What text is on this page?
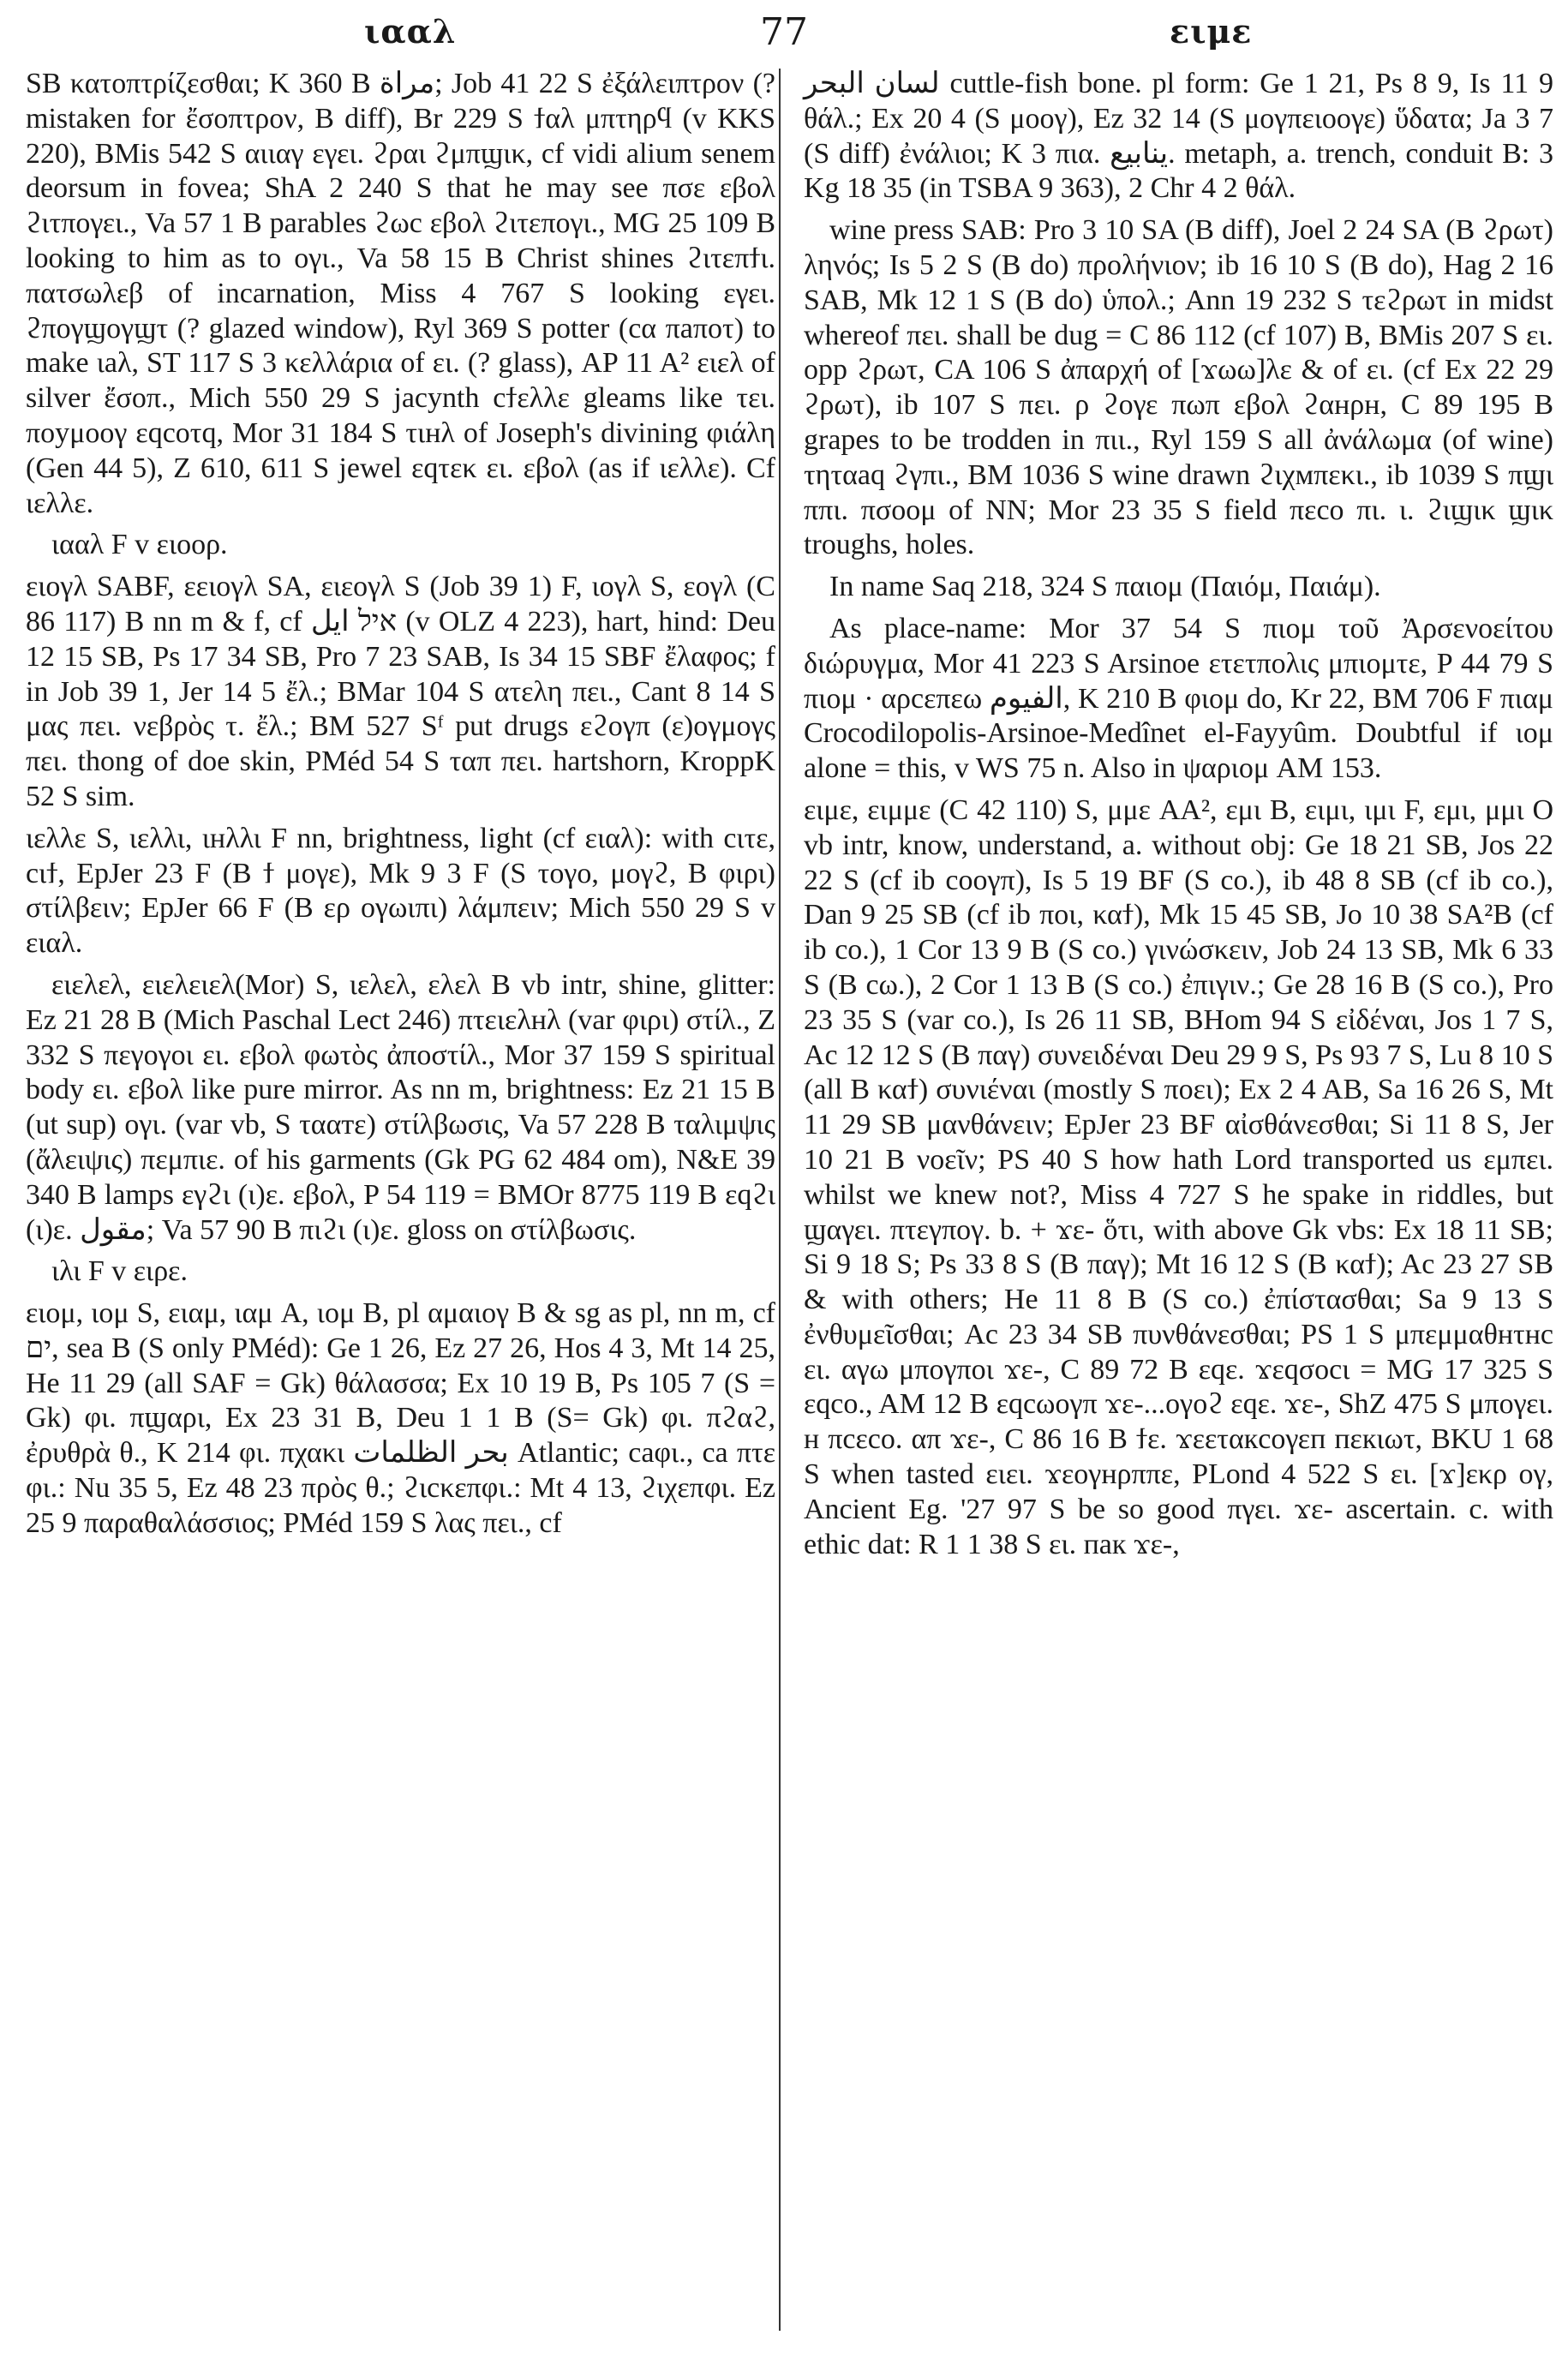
ιααλ	77	ειμε

SB κατοπτρίζεσθαι; K 360 B مراة; Job 41 22 S ἐξάλειπτρον (? mistaken for ἔσοπτρον, B diff), Br 229 S ϯαλ μπτηρϥ (v KKS 220), BMis 542 S αιιαγ εγει. ϩραι ϩμπϣικ, cf vidi alium senem deorsum in fovea; ShA 2 240 S that he may see πσε εβολ ϩιτπογει., Va 57 1 B parables ϩωc εβολ ϩιτεπογι., MG 25 109 B looking to him as to ογι., Va 58 15 B Christ shines ϩιτεπϯι. πατσωλεβ of incarnation, Miss 4 767 S looking εγει. ϩπογϣογϣτ (? glazed window), Ryl 369 S potter (cα πaποτ) to make ιaλ, ST 117 S 3 κελλάρια of ει. (? glass), AP 11 A² ειελ of silver ἔσοπ., Mich 550 29 S jacynth cϯελλε gleams like τει. ποyμοογ εqcοτq, Mor 31 184 S τιнλ of Joseph's divining φιάλη (Gen 44 5), Z 610, 611 S jewel εqτεκ ει. εβολ (as if ιελλε). Cf ιελλε.

ιααλ F v ειοορ.

ειογλ SABF, εειογλ SA, ειεογλ S (Job 39 1) F, ιογλ S, εογλ (C 86 117) B nn m & f, cf איל ايل (v OLZ 4 223), hart, hind: Deu 12 15 SB, Ps 17 34 SB, Pro 7 23 SAB, Is 34 15 SBF ἔλαφος; f in Job 39 1, Jer 14 5 ἔλ.; BMar 104 S ατελη πει., Cant 8 14 S μας πει. νεβρὸς τ. ἔλ.; BM 527 Sᶠ put drugs εϩογπ (ε)ογμογς πει. thong of doe skin, PMéd 54 S ταπ πει. hartshorn, KroppK 52 S sim.

ιελλε S, ιελλι, ιнλλι F nn, brightness, light (cf ειαλ): with cιτε, cιϯ, EpJer 23 F (B ϯ μογε), Mk 9 3 F (S τογο, μογϩ, B φιρι) στίλβειν; EpJer 66 F (B ερ ογωιπι) λάμπειν; Mich 550 29 S v ειαλ.

ειελελ, ειελειελ(Mor) S, ιελελ, ελελ B vb intr, shine, glitter: Ez 21 28 B (Mich Paschal Lect 246) πτειελнλ (var φιρι) στίλ., Z 332 S πεγογοι ει. εβολ φωτὸς ἀποστίλ., Mor 37 159 S spiritual body ει. εβολ like pure mirror. As nn m, brightness: Ez 21 15 B (ut sup) ογι. (var vb, S τααтε) στίλβωσις, Va 57 228 B ταλιμψις (ἄλειψις) πεμπιε. of his garments (Gk PG 62 484 om), N&E 39 340 B lamps εγϩι (ι)ε. εβολ, P 54 119 = BMOr 8775 119 B εqϩι (ι)ε. مقول; Va 57 90 B πιϩι (ι)ε. gloss on στίλβωσις.

ιλι F v ειρε.

ειομ, ιομ S, ειαμ, ιαμ A, ιομ B, pl αμαιογ B & sg as pl, nn m, cf ים, sea B (S only PMéd): Ge 1 26, Ez 27 26, Hos 4 3, Mt 14 25, He 11 29 (all SAF = Gk) θάλασσα; Ex 10 19 B, Ps 105 7 (S = Gk) φι. πϣαρι, Ex 23 31 B, Deu 1 1 B (S= Gk) φι. πϩαϩ, ἐρυθρὰ θ., K 214 φι. πχακι بحر الظلمات Atlantic; caφι., ca πτε φι.: Nu 35 5, Ez 48 23 πρὸς θ.; ϩιcκεπφι.: Mt 4 13, ϩιχεπφι. Ez 25 9 παραθαλάσσιος; PMéd 159 S λας πει., cf

لسان البحر cuttle-fish bone. pl form: Ge 1 21, Ps 8 9, Is 11 9 θάλ.; Ex 20 4 (S μοογ), Ez 32 14 (S μογπειοογε) ὕδατα; Ja 3 7 (S diff) ἐνάλιοι; K 3 πια. ينابيع. metaph, a. trench, conduit B: 3 Kg 18 35 (in TSBA 9 363), 2 Chr 4 2 θάλ.

wine press SAB: Pro 3 10 SA (B diff), Joel 2 24 SA (B ϩρωτ) ληνός; Is 5 2 S (B do) προλήνιον; ib 16 10 S (B do), Hag 2 16 SAB, Mk 12 1 S (B do) ὑπολ.; Ann 19 232 S τεϩρωτ in midst whereof πει. shall be dug = C 86 112 (cf 107) B, BMis 207 S ει. opp ϩρωτ, CA 106 S ἀπαρχή of [ϫωω]λε & of ει. (cf Ex 22 29 ϩρωτ), ib 107 S πει. ρ ϩογε πωπ εβολ ϩαнρн, C 89 195 B grapes to be trodden in πιι., Ryl 159 S all ἀνάλωμα (of wine) τηταaq ϩγπι., BM 1036 S wine drawn ϩιχмπεκι., ib 1039 S πϣι ππι. πσοομ of NN; Mor 23 35 S field πεcο πι. ι. ϩιϣικ ϣικ troughs, holes.

In name Saq 218, 324 S παιομ (Παιόμ, Παιάμ).

As place-name: Mor 37 54 S πιομ τοῦ Ἀρσενοείτου διώρυγμα, Mor 41 223 S Arsinoe ετετπολις μπιομτε, P 44 79 S πιομ · αρcεπεω الفيوم, K 210 B φιομ do, Kr 22, BM 706 F πιαμ Crocodilopolis-Arsinoe-Medînet el-Fayyûm. Doubtful if ιομ alone = this, v WS 75 n. Also in ψαριομ AM 153.

ειμε, ειμμε (C 42 110) S, μμε AA², εμι B, ειμι, ιμι F, εμι, μμι O vb intr, know, understand, a. without obj: Ge 18 21 SB, Jos 22 22 S (cf ib cooγπ), Is 5 19 BF (S co.), ib 48 8 SB (cf ib co.), Dan 9 25 SB (cf ib ποι, καϯ), Mk 15 45 SB, Jo 10 38 SA²B (cf ib co.), 1 Cor 13 9 B (S co.) γινώσκειν, Job 24 13 SB, Mk 6 33 S (B cω.), 2 Cor 1 13 B (S co.) ἐπιγιν.; Ge 28 16 B (S co.), Pro 23 35 S (var co.), Is 26 11 SB, BHom 94 S εἰδέναι, Jos 1 7 S, Ac 12 12 S (B παγ) συνειδέναι Deu 29 9 S, Ps 93 7 S, Lu 8 10 S (all B καϯ) συνιέναι (mostly S ποει); Ex 2 4 AB, Sa 16 26 S, Mt 11 29 SB μανθάνειν; EpJer 23 BF αἰσθάνεσθαι; Si 11 8 S, Jer 10 21 B νοεῖν; PS 40 S how hath Lord transported us εμπει. whilst we knew not?, Miss 4 727 S he spake in riddles, but ϣαγει. πτεγπογ. b. + ϫε- ὅτι, with above Gk vbs: Ex 18 11 SB; Si 9 18 S; Ps 33 8 S (B παγ); Mt 16 12 S (B καϯ); Ac 23 27 SB & with others; He 11 8 B (S co.) ἐπίστασθαι; Sa 9 13 S ἐνθυμεῖσθαι; Ac 23 34 SB πυνθάνεσθαι; PS 1 S μπεμμαθнτнc ει. αγω μπογποι ϫε-, C 89 72 B εqε. ϫεqσοcι = MG 17 325 S εqco., AM 12 B εqcωογπ ϫε-...ογοϩ εqε. ϫε-, ShZ 475 S μπογει. н πcεcο. απ ϫε-, C 86 16 B ϯε. ϫεεταкcογεп пεкιωτ, BKU 1 68 S when tasted ειει. ϫεογнρππε, PLond 4 522 S ει. [ϫ]εκρ ογ, Ancient Eg. '27 97 S be so good πγει. ϫε- ascertain. c. with ethic dat: R 1 1 38 S ει. пак ϫε-,
